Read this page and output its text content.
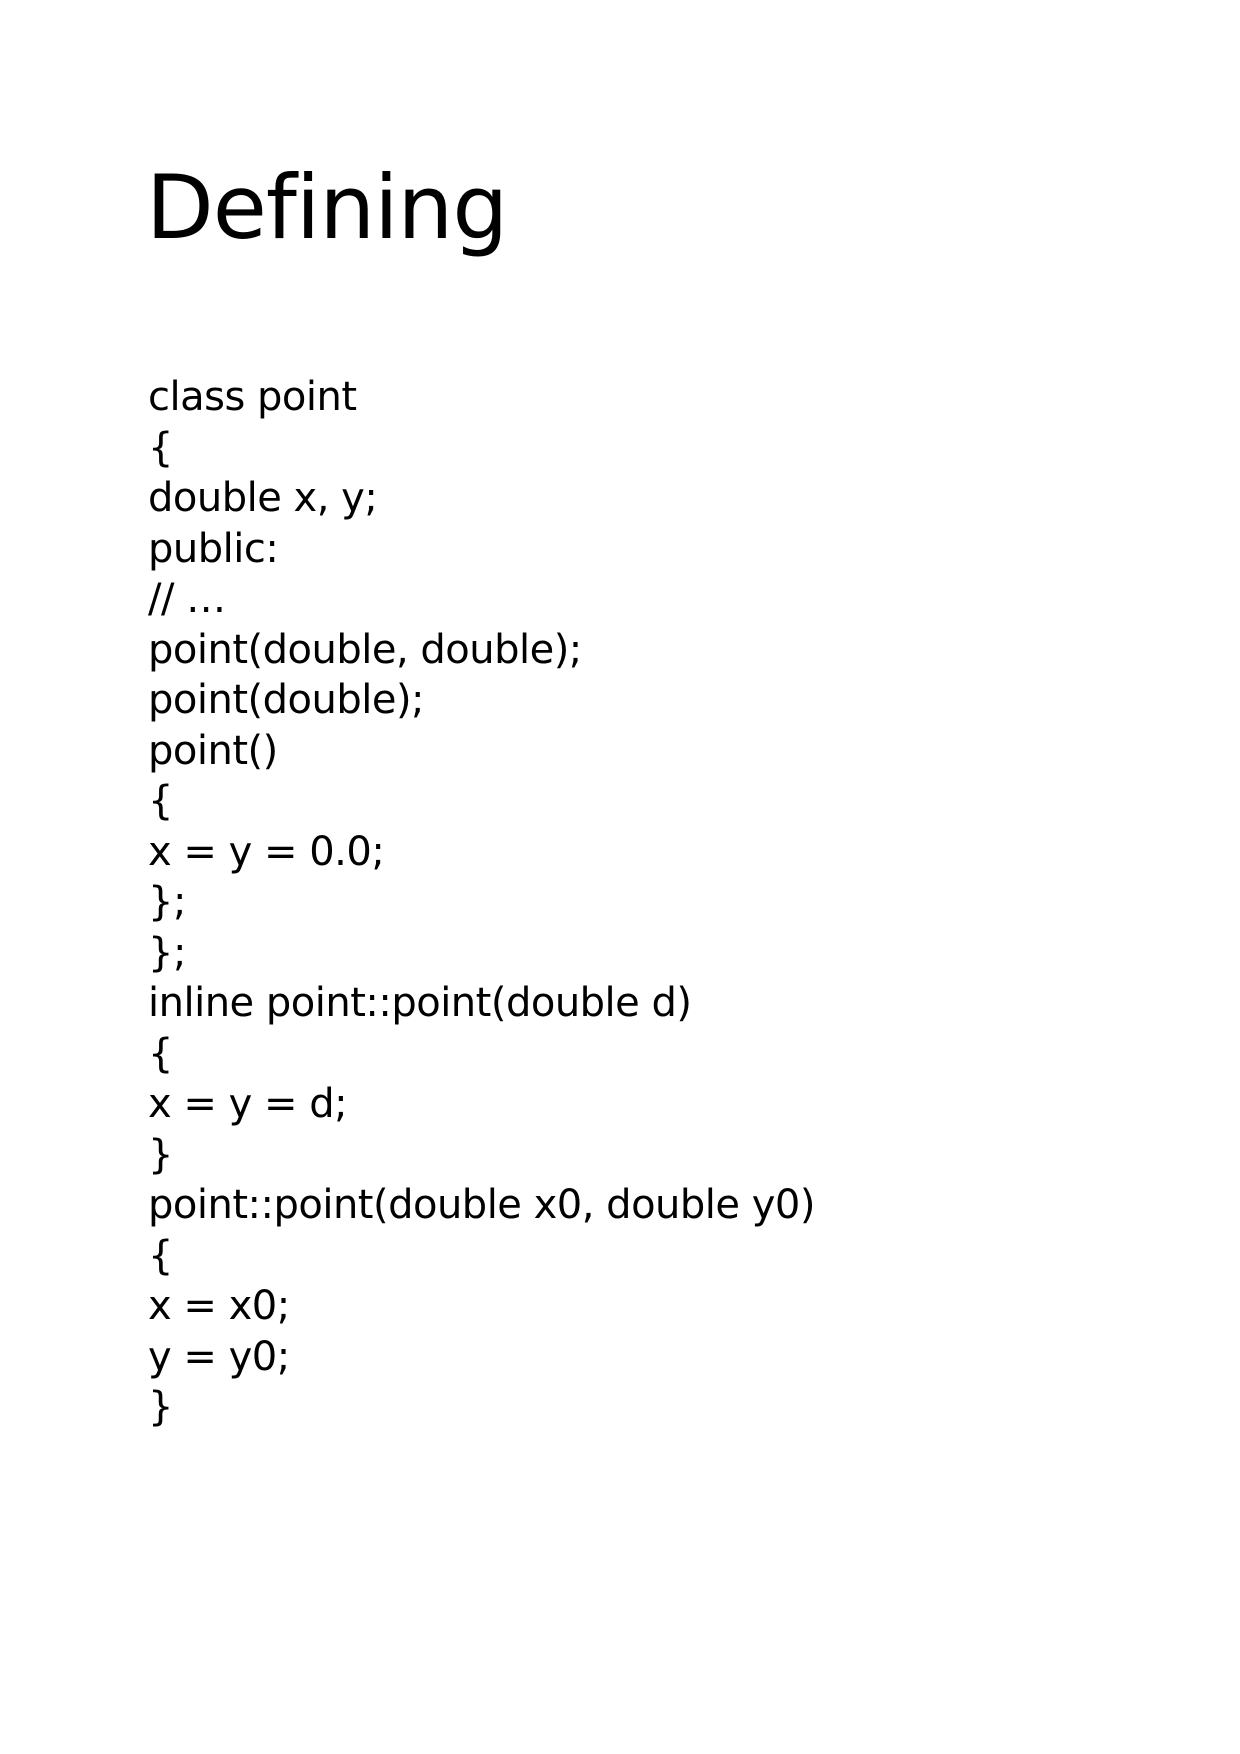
Defining
class point
{
double x, y;
public:
// …
point(double, double);
point(double);
point()
{
x = y = 0.0;
};
};
inline point::point(double d)
{
x = y = d;
}
point::point(double x0, double y0)
{
x = x0;
y = y0;
}
